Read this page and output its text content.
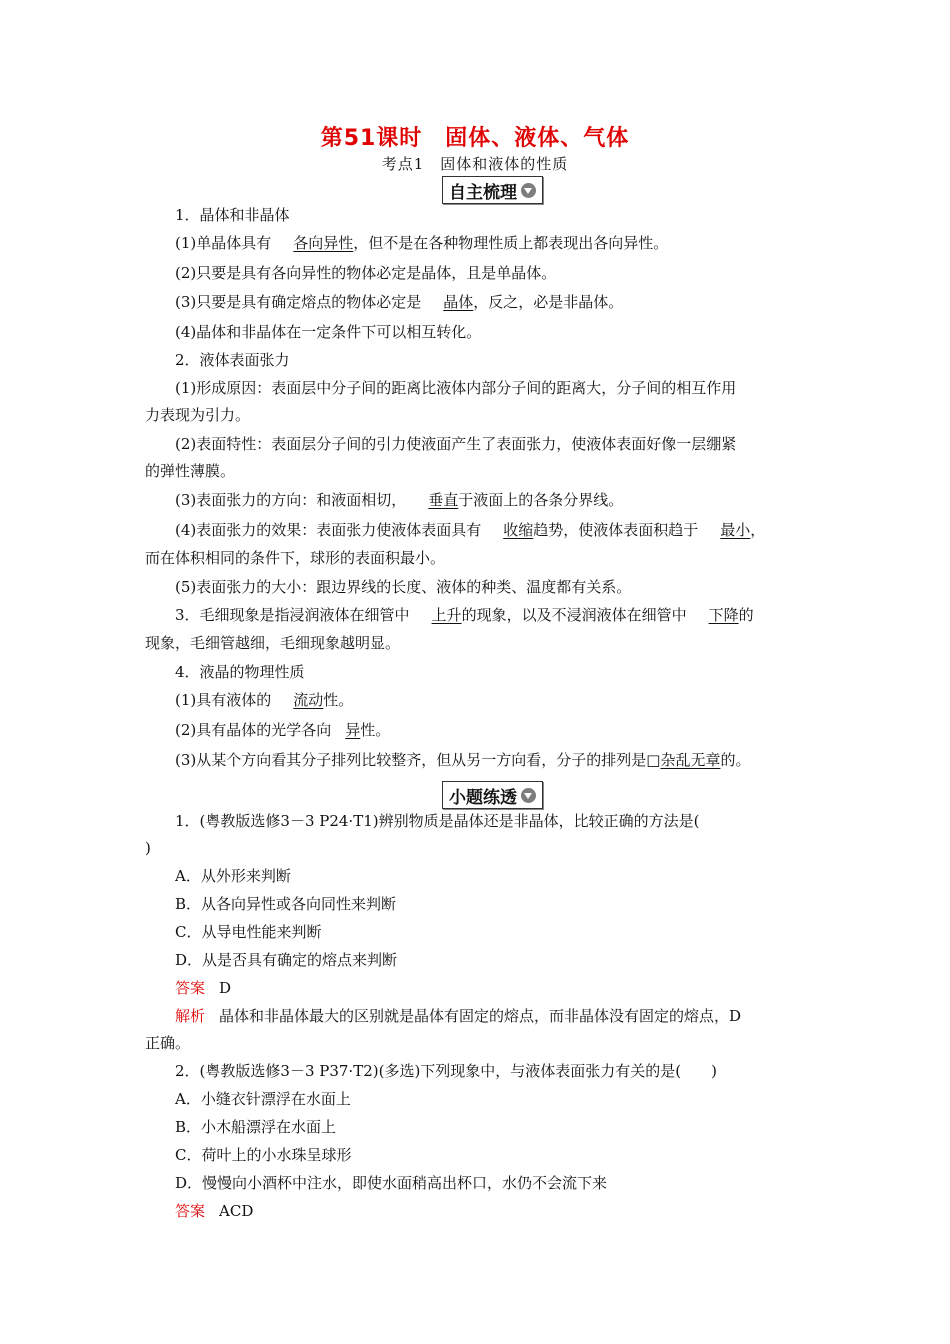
第51课时　固体、液体、气体
考点1　固体和液体的性质
自主梳理
1．晶体和非晶体
(1)单晶体具有 各向异性，但不是在各种物理性质上都表现出各向异性。
(2)只要是具有各向异性的物体必定是晶体，且是单晶体。
(3)只要是具有确定熔点的物体必定是 晶体，反之，必是非晶体。
(4)晶体和非晶体在一定条件下可以相互转化。
2．液体表面张力
(1)形成原因：表面层中分子间的距离比液体内部分子间的距离大，分子间的相互作用
力表现为引力。
(2)表面特性：表面层分子间的引力使液面产生了表面张力，使液体表面好像一层绷紧
的弹性薄膜。
(3)表面张力的方向：和液面相切， 垂直于液面上的各条分界线。
(4)表面张力的效果：表面张力使液体表面具有 收缩趋势，使液体表面积趋于 最小，
而在体积相同的条件下，球形的表面积最小。
(5)表面张力的大小：跟边界线的长度、液体的种类、温度都有关系。
3．毛细现象是指浸润液体在细管中 上升的现象，以及不浸润液体在细管中 下降的
现象，毛细管越细，毛细现象越明显。
4．液晶的物理性质
(1)具有液体的 流动性。
(2)具有晶体的光学各向 异性。
(3)从某个方向看其分子排列比较整齐，但从另一方向看，分子的排列是□杂乱无章的。
小题练透
1．(粤教版选修3－3 P24·T1)辨别物质是晶体还是非晶体，比较正确的方法是(
)
A．从外形来判断
B．从各向异性或各向同性来判断
C．从导电性能来判断
D．从是否具有确定的熔点来判断
答案 D
解析 晶体和非晶体最大的区别就是晶体有固定的熔点，而非晶体没有固定的熔点，D
正确。
2．(粤教版选修3－3 P37·T2)(多选)下列现象中，与液体表面张力有关的是(　　)
A．小缝衣针漂浮在水面上
B．小木船漂浮在水面上
C．荷叶上的小水珠呈球形
D．慢慢向小酒杯中注水，即使水面稍高出杯口，水仍不会流下来
答案 ACD
